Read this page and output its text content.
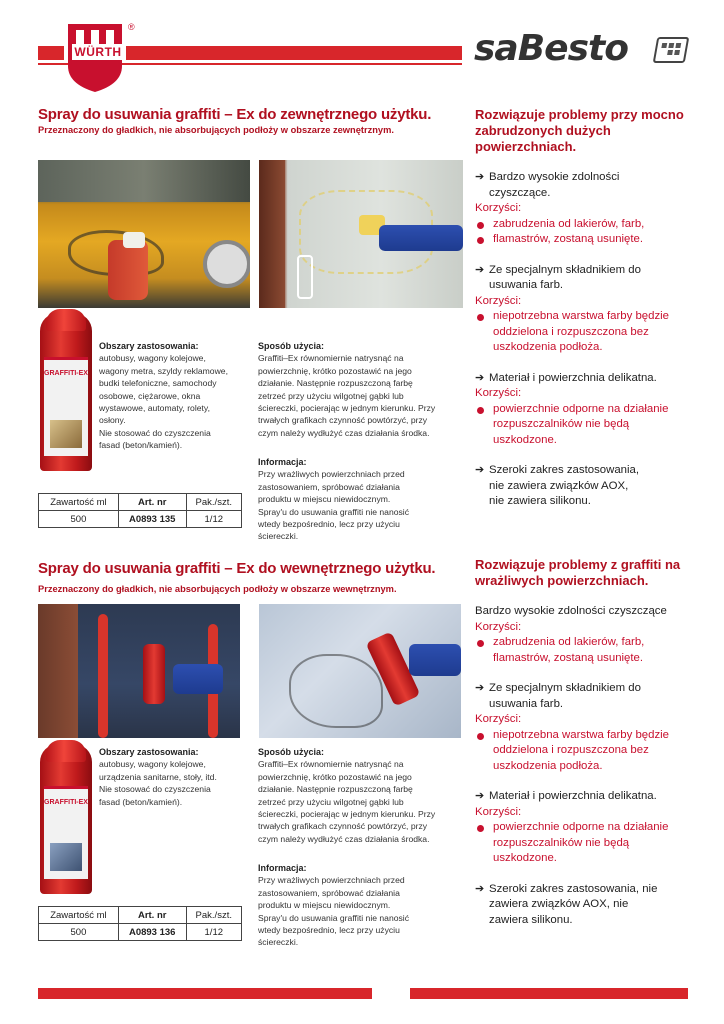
WÜRTH
®
saBesto
Spray do usuwania graffiti – Ex do zewnętrznego użytku.
Przeznaczony do gładkich, nie absorbujących podłoży w obszarze zewnętrznym.
GRAFFITI-EX
Obszary zastosowania:
autobusy, wagony kolejowe,
wagony metra, szyldy reklamowe,
budki telefoniczne, samochody
osobowe, ciężarowe, okna
wystawowe, automaty, rolety,
osłony.
Nie stosować do czyszczenia
fasad (beton/kamień).
Sposób użycia:
Graffiti–Ex równomiernie natrysnąć na
powierzchnię, krótko pozostawić na jego
działanie. Następnie rozpuszczoną farbę
zetrzeć przy użyciu wilgotnej gąbki lub
ściereczki, pocierając w jednym kierunku. Przy
trwałych grafikach czynność powtórzyć, przy
czym należy wydłużyć czas działania środka.
Informacja:
Przy wrażliwych powierzchniach przed
zastosowaniem, spróbować działania
produktu w miejscu niewidocznym.
Spray'u do usuwania graffiti nie nanosić
wtedy bezpośrednio, lecz przy użyciu
ściereczki.
Zawartość ml	Art. nr	Pak./szt.
500	A0893 135	1/12
Rozwiązuje problemy przy mocno zabrudzonych dużych powierzchniach.
➔ Bardzo wysokie zdolności
czyszczące.
Korzyści:
zabrudzenia od lakierów, farb,
flamastrów, zostaną usunięte.
➔ Ze specjalnym składnikiem do
usuwania farb.
Korzyści:
niepotrzebna warstwa farby będzie
oddzielona i rozpuszczona bez
uszkodzenia podłoża.
➔ Materiał i powierzchnia delikatna.
Korzyści:
powierzchnie odporne na działanie
rozpuszczalników nie będą
uszkodzone.
➔ Szeroki zakres zastosowania,
nie zawiera związków AOX,
nie zawiera silikonu.
Spray do usuwania graffiti – Ex do wewnętrznego użytku.
Przeznaczony do gładkich, nie absorbujących podłoży w obszarze wewnętrznym.
GRAFFITI-EX
Obszary zastosowania:
autobusy, wagony kolejowe,
urządzenia sanitarne, stoły, itd.
Nie stosować do czyszczenia
fasad (beton/kamień).
Sposób użycia:
Graffiti–Ex równomiernie natrysnąć na
powierzchnię, krótko pozostawić na jego
działanie. Następnie rozpuszczoną farbę
zetrzeć przy użyciu wilgotnej gąbki lub
ściereczki, pocierając w jednym kierunku. Przy
trwałych grafikach czynność powtórzyć, przy
czym należy wydłużyć czas działania środka.
Informacja:
Przy wrażliwych powierzchniach przed
zastosowaniem, spróbować działania
produktu w miejscu niewidocznym.
Spray'u do usuwania graffiti nie nanosić
wtedy bezpośrednio, lecz przy użyciu
ściereczki.
Zawartość ml	Art. nr	Pak./szt.
500	A0893 136	1/12
Rozwiązuje problemy z graffiti na wrażliwych powierzchniach.
Bardzo wysokie zdolności czyszczące
Korzyści:
zabrudzenia od lakierów, farb,
flamastrów, zostaną usunięte.
➔ Ze specjalnym składnikiem do
usuwania farb.
Korzyści:
niepotrzebna warstwa farby będzie
oddzielona i rozpuszczona bez
uszkodzenia podłoża.
➔ Materiał i powierzchnia delikatna.
Korzyści:
powierzchnie odporne na działanie
rozpuszczalników nie będą
uszkodzone.
➔ Szeroki zakres zastosowania, nie
zawiera związków AOX, nie
zawiera silikonu.
